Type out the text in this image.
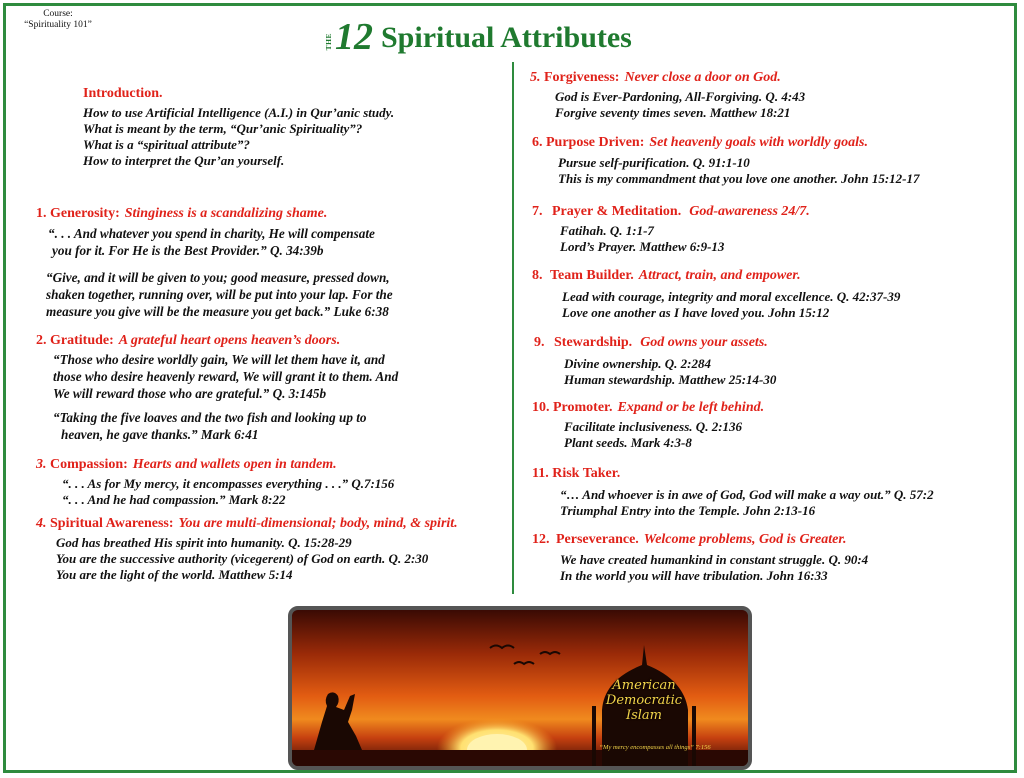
Course:
“Spirituality 101”
THE 12 Spiritual Attributes
Introduction.
How to use Artificial Intelligence (A.I.) in Qur’anic study.
What is meant by the term, “Qur’anic Spirituality”?
What is a “spiritual attribute”?
How to interpret the Qur’an yourself.
1. Generosity: Stinginess is a scandalizing shame.
“. . . And whatever you spend in charity, He will compensate
you for it. For He is the Best Provider.” Q. 34:39b
“Give, and it will be given to you; good measure, pressed down,
shaken together, running over, will be put into your lap. For the
measure you give will be the measure you get back.” Luke 6:38
2. Gratitude: A grateful heart opens heaven’s doors.
“Those who desire worldly gain, We will let them have it, and
those who desire heavenly reward, We will grant it to them. And
We will reward those who are grateful.” Q. 3:145b
“Taking the five loaves and the two fish and looking up to
heaven, he gave thanks.” Mark 6:41
3. Compassion: Hearts and wallets open in tandem.
“. . . As for My mercy, it encompasses everything . . .” Q.7:156
“. . . And he had compassion.” Mark 8:22
4. Spiritual Awareness: You are multi-dimensional; body, mind, & spirit.
God has breathed His spirit into humanity. Q. 15:28-29
You are the successive authority (vicegerent) of God on earth. Q. 2:30
You are the light of the world. Matthew 5:14
5. Forgiveness: Never close a door on God.
God is Ever-Pardoning, All-Forgiving. Q. 4:43
Forgive seventy times seven. Matthew 18:21
6. Purpose Driven: Set heavenly goals with worldly goals.
Pursue self-purification. Q. 91:1-10
This is my commandment that you love one another. John 15:12-17
7. Prayer & Meditation. God-awareness 24/7.
Fatihah. Q. 1:1-7
Lord’s Prayer. Matthew 6:9-13
8. Team Builder. Attract, train, and empower.
Lead with courage, integrity and moral excellence. Q. 42:37-39
Love one another as I have loved you. John 15:12
9. Stewardship. God owns your assets.
Divine ownership. Q. 2:284
Human stewardship. Matthew 25:14-30
10. Promoter. Expand or be left behind.
Facilitate inclusiveness. Q. 2:136
Plant seeds. Mark 4:3-8
11. Risk Taker.
“… And whoever is in awe of God, God will make a way out.” Q. 57:2
Triumphal Entry into the Temple. John 2:13-16
12. Perseverance. Welcome problems, God is Greater.
We have created humankind in constant struggle. Q. 90:4
In the world you will have tribulation. John 16:33
American
Democratic
Islam
“My mercy encompasses all things” 7:156
